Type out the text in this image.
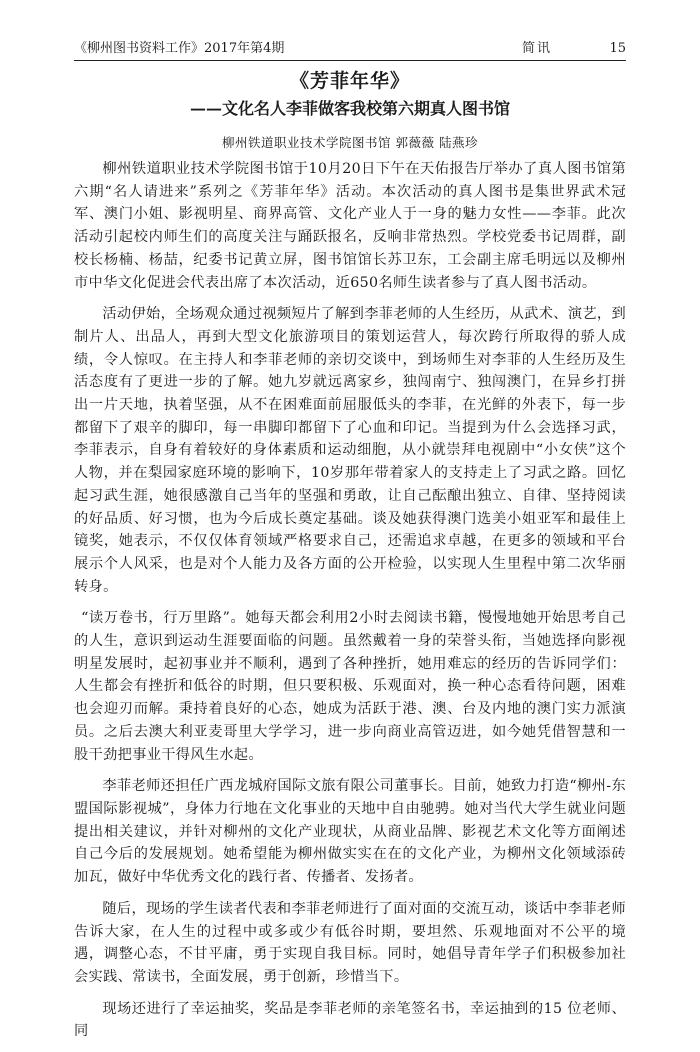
《柳州图书资料工作》2017年第4期	简讯	15
《芳菲年华》
——文化名人李菲做客我校第六期真人图书馆
柳州铁道职业技术学院图书馆 郭薇薇 陆燕珍

柳州铁道职业技术学院图书馆于10月20日下午在天佑报告厅举办了真人图书馆第六期“名人请进来”系列之《芳菲年华》活动。本次活动的真人图书是集世界武术冠军、澳门小姐、影视明星、商界高管、文化产业人于一身的魅力女性——李菲。此次活动引起校内师生们的高度关注与踊跃报名，反响非常热烈。学校党委书记周群，副校长杨楠、杨喆，纪委书记黄立屏，图书馆馆长苏卫东，工会副主席毛明远以及柳州市中华文化促进会代表出席了本次活动，近650名师生读者参与了真人图书活动。

活动伊始，全场观众通过视频短片了解到李菲老师的人生经历，从武术、演艺，到制片人、出品人，再到大型文化旅游项目的策划运营人，每次跨行所取得的骄人成绩，令人惊叹。在主持人和李菲老师的亲切交谈中，到场师生对李菲的人生经历及生活态度有了更进一步的了解。她九岁就远离家乡，独闯南宁、独闯澳门，在异乡打拼出一片天地，执着坚强，从不在困难面前屈服低头的李菲，在光鲜的外表下，每一步都留下了艰辛的脚印，每一串脚印都留下了心血和印记。当提到为什么会选择习武，李菲表示，自身有着较好的身体素质和运动细胞，从小就崇拜电视剧中“小女侠”这个人物，并在梨园家庭环境的影响下，10岁那年带着家人的支持走上了习武之路。回忆起习武生涯，她很感激自己当年的坚强和勇敢，让自己酝酿出独立、自律、坚持阅读的好品质、好习惯，也为今后成长奠定基础。谈及她获得澳门选美小姐亚军和最佳上镜奖，她表示，不仅仅体育领域严格要求自己，还需追求卓越，在更多的领域和平台展示个人风采，也是对个人能力及各方面的公开检验，以实现人生里程中第二次华丽转身。

“读万卷书，行万里路”。她每天都会利用2小时去阅读书籍，慢慢地她开始思考自己的人生，意识到运动生涯要面临的问题。虽然戴着一身的荣誉头衔，当她选择向影视明星发展时，起初事业并不顺利，遇到了各种挫折，她用难忘的经历的告诉同学们：人生都会有挫折和低谷的时期，但只要积极、乐观面对，换一种心态看待问题，困难也会迎刃而解。秉持着良好的心态，她成为活跃于港、澳、台及内地的澳门实力派演员。之后去澳大利亚麦哥里大学学习，进一步向商业高管迈进，如今她凭借智慧和一股干劲把事业干得风生水起。

李菲老师还担任广西龙城府国际文旅有限公司董事长。目前，她致力打造“柳州-东盟国际影视城”，身体力行地在文化事业的天地中自由驰骋。她对当代大学生就业问题提出相关建议，并针对柳州的文化产业现状，从商业品牌、影视艺术文化等方面阐述自己今后的发展规划。她希望能为柳州做实实在在的文化产业，为柳州文化领域添砖加瓦，做好中华优秀文化的践行者、传播者、发扬者。

随后，现场的学生读者代表和李菲老师进行了面对面的交流互动，谈话中李菲老师告诉大家，在人生的过程中或多或少有低谷时期，要坦然、乐观地面对不公平的境遇，调整心态，不甘平庸，勇于实现自我目标。同时，她倡导青年学子们积极参加社会实践、常读书，全面发展，勇于创新，珍惜当下。

现场还进行了幸运抽奖，奖品是李菲老师的亲笔签名书，幸运抽到的15 位老师、同
